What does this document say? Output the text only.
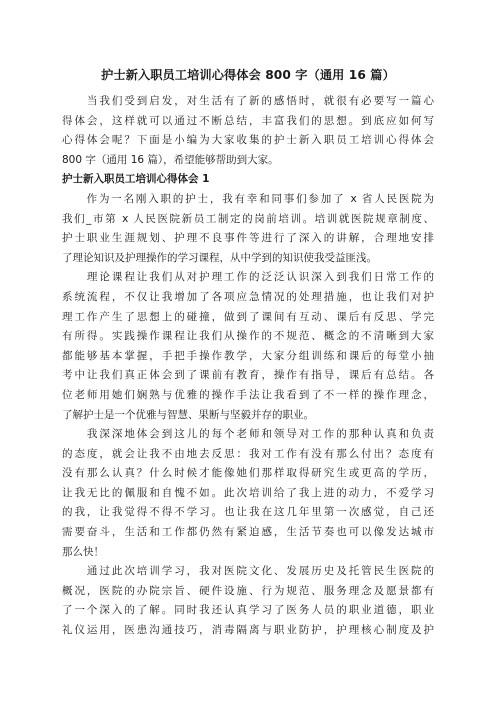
护士新入职员工培训心得体会 800 字（通用 16 篇）
　　当我们受到启发，对生活有了新的感悟时，就很有必要写一篇心
得体会，这样就可以通过不断总结，丰富我们的思想。到底应如何写
心得体会呢？下面是小编为大家收集的护士新入职员工培训心得体会
800 字（通用 16 篇），希望能够帮助到大家。
护士新入职员工培训心得体会 1
　　作为一名刚入职的护士，我有幸和同事们参加了 x 省人民医院为
我们_市第 x 人民医院新员工制定的岗前培训。培训就医院规章制度、
护士职业生涯规划、护理不良事件等进行了深入的讲解，合理地安排
了理论知识及护理操作的学习课程，从中学到的知识使我受益匪浅。
　　理论课程让我们从对护理工作的泛泛认识深入到我们日常工作的
系统流程，不仅让我增加了各项应急情况的处理措施，也让我们对护
理工作产生了思想上的碰撞，做到了课间有互动、课后有反思、学完
有所得。实践操作课程让我们从操作的不规范、概念的不清晰到大家
都能够基本掌握，手把手操作教学，大家分组训练和课后的每堂小抽
考中让我们真正体会到了课前有教育，操作有指导，课后有总结。各
位老师用她们娴熟与优雅的操作手法让我看到了不一样的操作理念，
了解护士是一个优雅与智慧、果断与坚毅并存的职业。
　　我深深地体会到这儿的每个老师和领导对工作的那种认真和负责
的态度，就会让我不由地去反思：我对工作有没有那么付出？态度有
没有那么认真？什么时候才能像她们那样取得研究生或更高的学历，
让我无比的佩服和自愧不如。此次培训给了我上进的动力，不爱学习
的我，让我觉得不得不学习。也让我在这几年里第一次感觉，自己还
需要奋斗，生活和工作都仍然有紧迫感，生活节奏也可以像发达城市
那么快！
　　通过此次培训学习，我对医院文化、发展历史及托管民生医院的
概况，医院的办院宗旨、硬件设施、行为规范、服务理念及愿景都有
了一个深入的了解。同时我还认真学习了医务人员的职业道德，职业
礼仪运用，医患沟通技巧，消毒隔离与职业防护，护理核心制度及护
